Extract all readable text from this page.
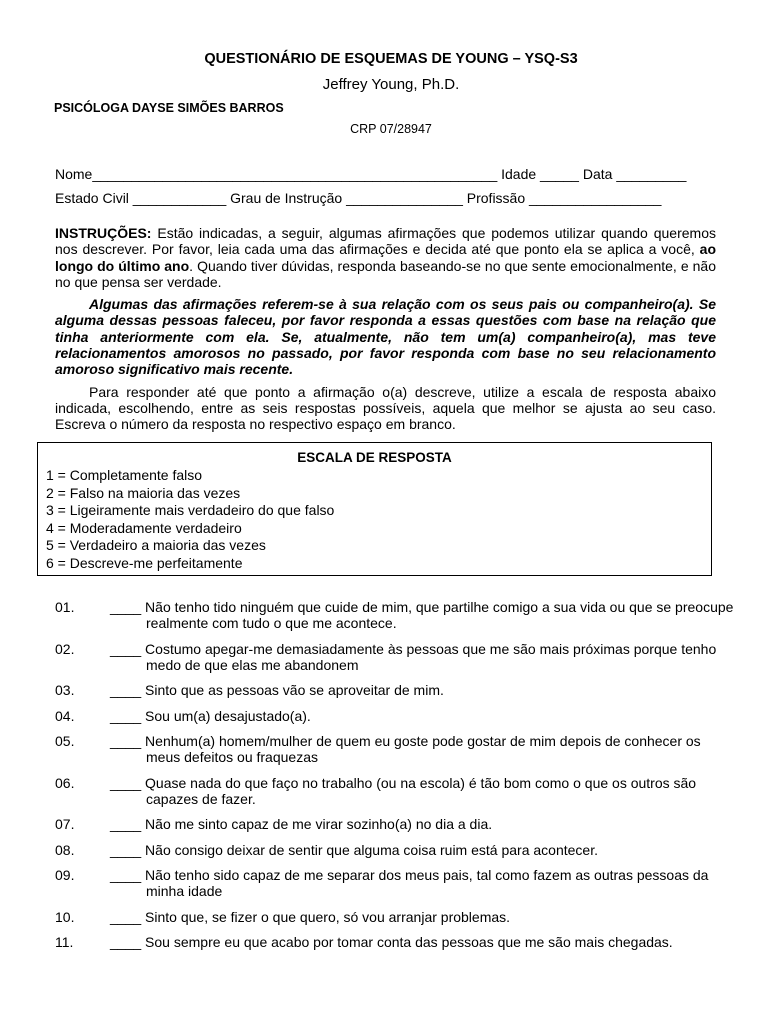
QUESTIONÁRIO DE ESQUEMAS DE YOUNG – YSQ-S3
Jeffrey Young, Ph.D.
PSICÓLOGA DAYSE SIMÕES BARROS
CRP 07/28947
Nome____________________________________________________ Idade _____ Data _________
Estado Civil ____________ Grau de Instrução _______________ Profissão _________________

INSTRUÇÕES: Estão indicadas, a seguir, algumas afirmações que podemos utilizar quando queremos nos descrever. Por favor, leia cada uma das afirmações e decida até que ponto ela se aplica a você, ao longo do último ano. Quando tiver dúvidas, responda baseando-se no que sente emocionalmente, e não no que pensa ser verdade.

Algumas das afirmações referem-se à sua relação com os seus pais ou companheiro(a). Se alguma dessas pessoas faleceu, por favor responda a essas questões com base na relação que tinha anteriormente com ela. Se, atualmente, não tem um(a) companheiro(a), mas teve relacionamentos amorosos no passado, por favor responda com base no seu relacionamento amoroso significativo mais recente.

Para responder até que ponto a afirmação o(a) descreve, utilize a escala de resposta abaixo indicada, escolhendo, entre as seis respostas possíveis, aquela que melhor se ajusta ao seu caso. Escreva o número da resposta no respectivo espaço em branco.

ESCALA DE RESPOSTA
1 = Completamente falso
2 = Falso na maioria das vezes
3 = Ligeiramente mais verdadeiro do que falso
4 = Moderadamente verdadeiro
5 = Verdadeiro a maioria das vezes
6 = Descreve-me perfeitamente
01.	____ Não tenho tido ninguém que cuide de mim, que partilhe comigo a sua vida ou que se preocupe realmente com tudo o que me acontece.
02.	____ Costumo apegar-me demasiadamente às pessoas que me são mais próximas porque tenho medo de que elas me abandonem
03.	____ Sinto que as pessoas vão se aproveitar de mim.
04.	____ Sou um(a) desajustado(a).
05.	____ Nenhum(a) homem/mulher de quem eu goste pode gostar de mim depois de conhecer os meus defeitos ou fraquezas
06.	____ Quase nada do que faço no trabalho (ou na escola) é tão bom como o que os outros são capazes de fazer.
07.	____ Não me sinto capaz de me virar sozinho(a) no dia a dia.
08.	____ Não consigo deixar de sentir que alguma coisa ruim está para acontecer.
09.	____ Não tenho sido capaz de me separar dos meus pais, tal como fazem as outras pessoas da minha idade
10.	____ Sinto que, se fizer o que quero, só vou arranjar problemas.
11.	____ Sou sempre eu que acabo por tomar conta das pessoas que me são mais chegadas.
